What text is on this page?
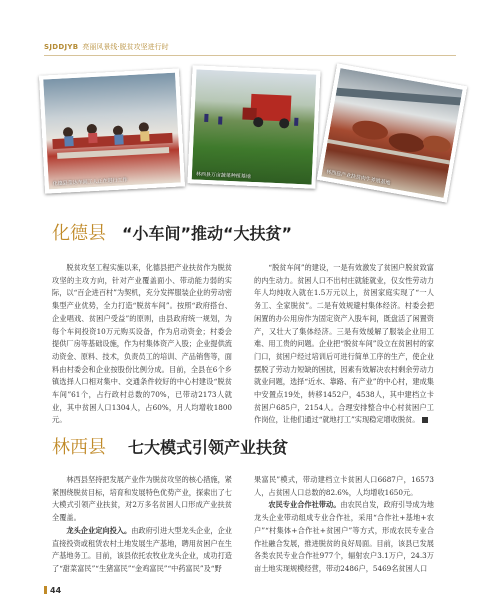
SJDDJYB 亮丽风景线·脱贫攻坚进行时
化德县莹达车间工人正在进行工作
林西县万亩蔬菜种植基地	林西县产业扶贫肉牛养殖基地
化德县 “小车间”推动“大扶贫”

脱贫攻坚工程实施以来，化德县把产业扶贫作为脱贫攻坚的主攻方向，针对产业覆盖面小、带动能力弱的实际，以“百企进百村”为契机，充分发挥服装企业的劳动密集型产业优势，全力打造“脱贫车间”。按照“政府搭台、企业唱戏、贫困户受益”的原则，由县政府统一规划，为每个车间投资10万元购买设备，作为启动资金；村委会提供厂房等基础设施，作为村集体资产入股；企业提供流动资金、原料、技术，负责员工的培训、产品销售等，面料由村委会和企业按股份比例分成。目前，全县在6个乡镇选择人口相对集中、交通条件较好的中心村建设“脱贫车间”61个，占行政村总数的70%，已带动2173人就业，其中贫困人口1304人，占60%，月人均增收1800元。

“脱贫车间”的建设，一是有效激发了贫困户脱贫致富的内生动力。贫困人口不出村庄就能就业，仅女性劳动力年人均纯收入就在1.5万元以上，贫困家庭实现了“一人务工、全家脱贫”。二是有效规避村集体经济。村委会把闲置的办公用房作为固定资产入股车间，既盘活了闲置资产，又壮大了集体经济。三是有效缓解了服装企业用工难、用工贵的问题。企业把“脱贫车间”设立在贫困村的家门口，贫困户经过培训后可进行简单工序的生产，使企业摆脱了劳动力短缺的困扰，因素有效解决农村剩余劳动力就业问题，选择“近水、靠路、有产业”的中心村，建成集中安置点19处，转移1452户，4538人，其中建档立卡贫困户685户，2154人。合理安排整合中心村贫困户工作岗位，让他们通过“就地打工”实现稳定增收脱贫。

林西县 七大模式引领产业扶贫

林西县坚持把发展产业作为脱贫攻坚的核心措施，紧紧围绕脱贫目标，培育和发展特色优势产业，探索出了七大模式引领产业扶贫，对2万多名贫困人口形成产业扶贫全覆盖。

龙头企业定向投入。由政府引进大型龙头企业，企业直接投资或租赁农村土地发展生产基地，聘用贫困户在生产基地务工。目前，该县依托农牧业龙头企业，成功打造了“甜菜富民”“生猪富民”“金鸡富民”“中药富民”及“野

果富民”模式，带动建档立卡贫困人口6687户，16573人，占贫困人口总数的82.6%，人均增收1650元。

农民专业合作社带动。由农民自发，政府引导成为地龙头企业带动组成专业合作社，采用“合作社+基地+农户”“村集体+合作社+贫困户”等方式，形成农民专业合作社融合发展，推进脱贫的良好局面。目前，该县已发展各类农民专业合作社977个，辐射农户3.1万户，24.3万亩土地实现规模经营，带动2486户，5469名贫困人口

44
